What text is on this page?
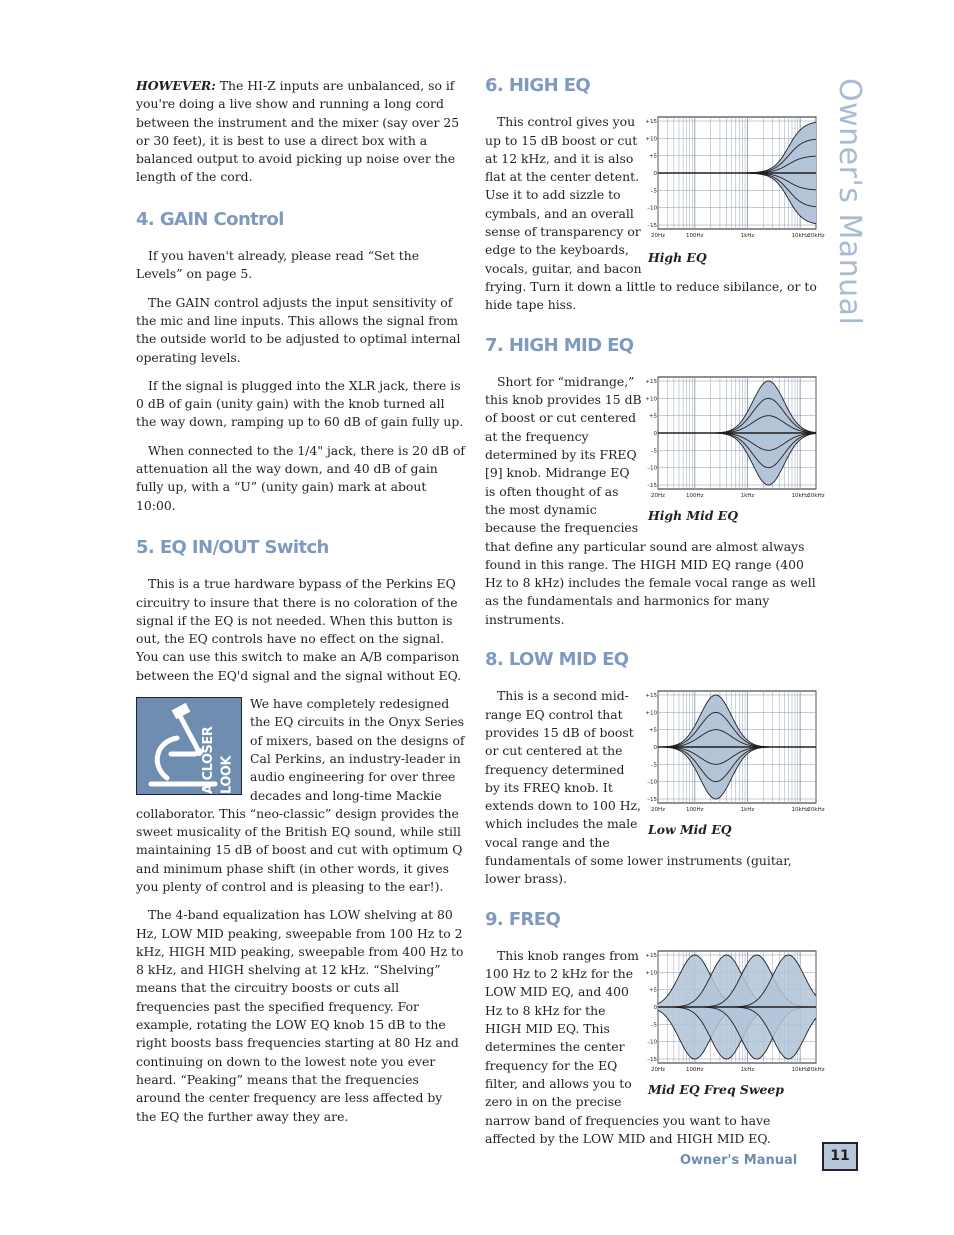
Owner's Manual

HOWEVER: The HI-Z inputs are unbalanced, so if you're doing a live show and running a long cord between the instrument and the mixer (say over 25 or 30 feet), it is best to use a direct box with a balanced output to avoid picking up noise over the length of the cord.

4. GAIN Control

If you haven't already, please read “Set the Levels” on page 5.

The GAIN control adjusts the input sensitivity of the mic and line inputs. This allows the signal from the outside world to be adjusted to optimal internal operating levels.

If the signal is plugged into the XLR jack, there is 0 dB of gain (unity gain) with the knob turned all the way down, ramping up to 60 dB of gain fully up.

When connected to the 1/4" jack, there is 20 dB of attenuation all the way down, and 40 dB of gain fully up, with a “U” (unity gain) mark at about 10:00.

5. EQ IN/OUT Switch

This is a true hardware bypass of the Perkins EQ circuitry to insure that there is no coloration of the signal if the EQ is not needed. When this button is out, the EQ controls have no effect on the signal. You can use this switch to make an A/B comparison between the EQ'd signal and the signal without EQ.

A CLOSER LOOK

We have completely redesigned the EQ circuits in the Onyx Series of mixers, based on the designs of Cal Perkins, an industry-leader in audio engineering for over three decades and long-time Mackie collaborator. This “neo-classic” design provides the sweet musicality of the British EQ sound, while still maintaining 15 dB of boost and cut with optimum Q and minimum phase shift (in other words, it gives you plenty of control and is pleasing to the ear!).

The 4-band equalization has LOW shelving at 80 Hz, LOW MID peaking, sweepable from 100 Hz to 2 kHz, HIGH MID peaking, sweepable from 400 Hz to 8 kHz, and HIGH shelving at 12 kHz. “Shelving” means that the circuitry boosts or cuts all frequencies past the specified frequency. For example, rotating the LOW EQ knob 15 dB to the right boosts bass frequencies starting at 80 Hz and continuing on down to the lowest note you ever heard. “Peaking” means that the frequencies around the center frequency are less affected by the EQ the further away they are.

6. HIGH EQ
+15
+10
+5
0
–5
–10
–15
20Hz	100Hz	1kHz	10kHz
20kHz
High EQ

This control gives you up to 15 dB boost or cut at 12 kHz, and it is also flat at the center detent. Use it to add sizzle to cymbals, and an overall sense of transparency or edge to the keyboards, vocals, guitar, and bacon frying. Turn it down a little to reduce sibilance, or to hide tape hiss.

7. HIGH MID EQ
+15
+10
+5
0
–5
–10
–15
20Hz	100Hz	1kHz	10kHz
20kHz
High Mid EQ

Short for “midrange,” this knob provides 15 dB of boost or cut centered at the frequency determined by its FREQ [9] knob. Midrange EQ is often thought of as the most dynamic because the frequencies that define any particular sound are almost always found in this range. The HIGH MID EQ range (400 Hz to 8 kHz) includes the female vocal range as well as the fundamentals and harmonics for many instruments.

8. LOW MID EQ
+15
+10
+5
0
–5
–10
–15
20Hz	100Hz	1kHz	10kHz
20kHz
Low Mid EQ

This is a second mid-range EQ control that provides 15 dB of boost or cut centered at the frequency determined by its FREQ knob. It extends down to 100 Hz, which includes the male vocal range and the fundamentals of some lower instruments (guitar, lower brass).

9. FREQ
+15
+10
+5
0
–5
–10
–15
20Hz	100Hz	1kHz	10kHz
20kHz
Mid EQ Freq Sweep

This knob ranges from 100 Hz to 2 kHz for the LOW MID EQ, and 400 Hz to 8 kHz for the HIGH MID EQ. This determines the center frequency for the EQ filter, and allows you to zero in on the precise narrow band of frequencies you want to have affected by the LOW MID and HIGH MID EQ.

Owner's Manual	11
